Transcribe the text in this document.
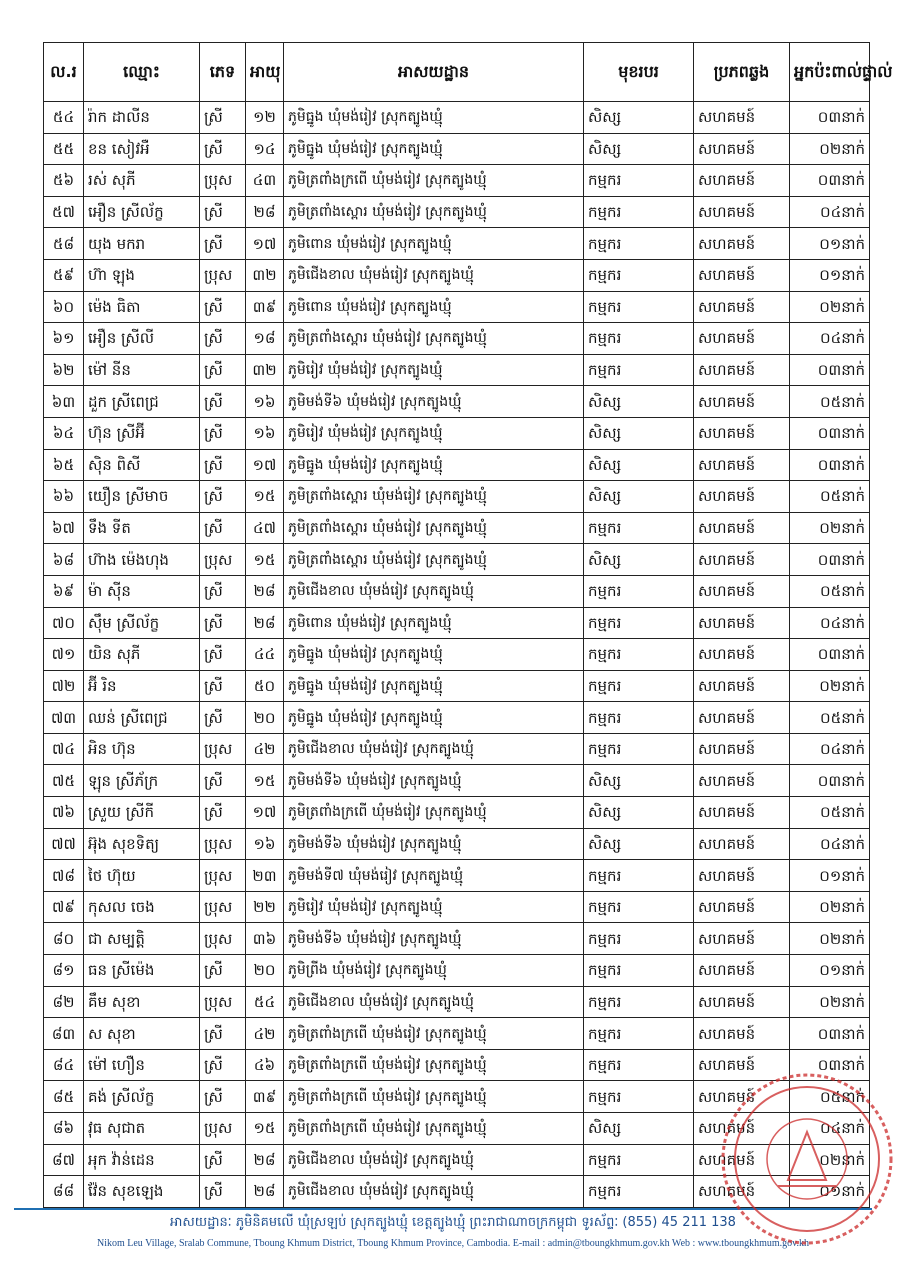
ល.រ	ឈ្មោះ	ភេទ	អាយុ	អាសយដ្ឋាន	មុខរបរ	ប្រភពឆ្លង	អ្នកប៉ះពាល់ផ្ទាល់
៥៤	រ៉ាក ដាលីន	ស្រី	១២	ភូមិធ្នូង ឃុំមង់រៀវ ស្រុកត្បូងឃ្មុំ	សិស្ស	សហគមន៍	០៣នាក់
៥៥	ខន សៀវអឺ	ស្រី	១៤	ភូមិធ្នូង ឃុំមង់រៀវ ស្រុកត្បូងឃ្មុំ	សិស្ស	សហគមន៍	០២នាក់
៥៦	រស់ សុភី	ប្រុស	៤៣	ភូមិត្រពាំងក្រពើ ឃុំមង់រៀវ ស្រុកត្បូងឃ្មុំ	កម្មករ	សហគមន៍	០៣នាក់
៥៧	អឿន ស្រីល័ក្ខ	ស្រី	២៨	ភូមិត្រពាំងស្ពោរ ឃុំមង់រៀវ ស្រុកត្បូងឃ្មុំ	កម្មករ	សហគមន៍	០៤នាក់
៥៨	យុង មករា	ស្រី	១៧	ភូមិពោន ឃុំមង់រៀវ ស្រុកត្បូងឃ្មុំ	កម្មករ	សហគមន៍	០១នាក់
៥៩	ហ៊ា ឡុង	ប្រុស	៣២	ភូមិជើងខាល ឃុំមង់រៀវ ស្រុកត្បូងឃ្មុំ	កម្មករ	សហគមន៍	០១នាក់
៦០	ម៉េង ធិតា	ស្រី	៣៩	ភូមិពោន ឃុំមង់រៀវ ស្រុកត្បូងឃ្មុំ	កម្មករ	សហគមន៍	០២នាក់
៦១	អឿន ស្រីលី	ស្រី	១៨	ភូមិត្រពាំងស្ពោរ ឃុំមង់រៀវ ស្រុកត្បូងឃ្មុំ	កម្មករ	សហគមន៍	០៤នាក់
៦២	ម៉ៅ នីន	ស្រី	៣២	ភូមិរៀវ ឃុំមង់រៀវ ស្រុកត្បូងឃ្មុំ	កម្មករ	សហគមន៍	០៣នាក់
៦៣	ដួក ស្រីពេជ្រ	ស្រី	១៦	ភូមិមង់ទី៦ ឃុំមង់រៀវ ស្រុកត្បូងឃ្មុំ	សិស្ស	សហគមន៍	០៥នាក់
៦៤	ហ៊ុន ស្រីអ៊ី	ស្រី	១៦	ភូមិរៀវ ឃុំមង់រៀវ ស្រុកត្បូងឃ្មុំ	សិស្ស	សហគមន៍	០៣នាក់
៦៥	ស៊ិន ពិសី	ស្រី	១៧	ភូមិធ្នូង ឃុំមង់រៀវ ស្រុកត្បូងឃ្មុំ	សិស្ស	សហគមន៍	០៣នាក់
៦៦	យឿន ស្រីមាច	ស្រី	១៥	ភូមិត្រពាំងស្ពោរ ឃុំមង់រៀវ ស្រុកត្បូងឃ្មុំ	សិស្ស	សហគមន៍	០៥នាក់
៦៧	ទឹង ទីត	ស្រី	៤៧	ភូមិត្រពាំងស្ពោរ ឃុំមង់រៀវ ស្រុកត្បូងឃ្មុំ	កម្មករ	សហគមន៍	០២នាក់
៦៨	ហ៊ាង ម៉េងហុង	ប្រុស	១៥	ភូមិត្រពាំងស្ពោរ ឃុំមង់រៀវ ស្រុកត្បូងឃ្មុំ	សិស្ស	សហគមន៍	០៣នាក់
៦៩	ម៉ា ស៊ីន	ស្រី	២៨	ភូមិជើងខាល ឃុំមង់រៀវ ស្រុកត្បូងឃ្មុំ	កម្មករ	សហគមន៍	០៥នាក់
៧០	ស៊ឹម ស្រីល័ក្ខ	ស្រី	២៨	ភូមិពោន ឃុំមង់រៀវ ស្រុកត្បូងឃ្មុំ	កម្មករ	សហគមន៍	០៤នាក់
៧១	យិន សុភី	ស្រី	៤៤	ភូមិធ្នូង ឃុំមង់រៀវ ស្រុកត្បូងឃ្មុំ	កម្មករ	សហគមន៍	០៣នាក់
៧២	អ៊ី រិន	ស្រី	៥០	ភូមិធ្នូង ឃុំមង់រៀវ ស្រុកត្បូងឃ្មុំ	កម្មករ	សហគមន៍	០២នាក់
៧៣	ឈន់ ស្រីពេជ្រ	ស្រី	២០	ភូមិធ្នូង ឃុំមង់រៀវ ស្រុកត្បូងឃ្មុំ	កម្មករ	សហគមន៍	០៥នាក់
៧៤	អិន ហ៊ុន	ប្រុស	៤២	ភូមិជើងខាល ឃុំមង់រៀវ ស្រុកត្បូងឃ្មុំ	កម្មករ	សហគមន៍	០៤នាក់
៧៥	ឡុន ស្រីភ័ក្រ	ស្រី	១៥	ភូមិមង់ទី៦ ឃុំមង់រៀវ ស្រុកត្បូងឃ្មុំ	សិស្ស	សហគមន៍	០៣នាក់
៧៦	ស្រួយ ស្រីកី	ស្រី	១៧	ភូមិត្រពាំងក្រពើ ឃុំមង់រៀវ ស្រុកត្បូងឃ្មុំ	សិស្ស	សហគមន៍	០៥នាក់
៧៧	អ៊ុង សុខទិត្យ	ប្រុស	១៦	ភូមិមង់ទី៦ ឃុំមង់រៀវ ស្រុកត្បូងឃ្មុំ	សិស្ស	សហគមន៍	០៤នាក់
៧៨	ថៃ ហ៊ុយ	ប្រុស	២៣	ភូមិមង់ទី៧ ឃុំមង់រៀវ ស្រុកត្បូងឃ្មុំ	កម្មករ	សហគមន៍	០១នាក់
៧៩	កុសល ចេង	ប្រុស	២២	ភូមិរៀវ ឃុំមង់រៀវ ស្រុកត្បូងឃ្មុំ	កម្មករ	សហគមន៍	០២នាក់
៨០	ជា សម្បត្តិ	ប្រុស	៣៦	ភូមិមង់ទី៦ ឃុំមង់រៀវ ស្រុកត្បូងឃ្មុំ	កម្មករ	សហគមន៍	០២នាក់
៨១	ធន ស្រីម៉េង	ស្រី	២០	ភូមិព្រីង ឃុំមង់រៀវ ស្រុកត្បូងឃ្មុំ	កម្មករ	សហគមន៍	០១នាក់
៨២	គឹម សុខា	ប្រុស	៥៤	ភូមិជើងខាល ឃុំមង់រៀវ ស្រុកត្បូងឃ្មុំ	កម្មករ	សហគមន៍	០២នាក់
៨៣	ស សុខា	ស្រី	៤២	ភូមិត្រពាំងក្រពើ ឃុំមង់រៀវ ស្រុកត្បូងឃ្មុំ	កម្មករ	សហគមន៍	០៣នាក់
៨៤	ម៉ៅ ហឿន	ស្រី	៤៦	ភូមិត្រពាំងក្រពើ ឃុំមង់រៀវ ស្រុកត្បូងឃ្មុំ	កម្មករ	សហគមន៍	០៣នាក់
៨៥	គង់ ស្រីល័ក្ខ	ស្រី	៣៩	ភូមិត្រពាំងក្រពើ ឃុំមង់រៀវ ស្រុកត្បូងឃ្មុំ	កម្មករ	សហគមន៍	០៥នាក់
៨៦	វុធ សុជាត	ប្រុស	១៥	ភូមិត្រពាំងក្រពើ ឃុំមង់រៀវ ស្រុកត្បូងឃ្មុំ	សិស្ស	សហគមន៍	០៤នាក់
៨៧	អុក វ៉ាន់ដេន	ស្រី	២៨	ភូមិជើងខាល ឃុំមង់រៀវ ស្រុកត្បូងឃ្មុំ	កម្មករ	សហគមន៍	០២នាក់
៨៨	វ៉ែន សុខឡេង	ស្រី	២៨	ភូមិជើងខាល ឃុំមង់រៀវ ស្រុកត្បូងឃ្មុំ	កម្មករ	សហគមន៍	០១នាក់
អាសយដ្ឋានៈ ភូមិនិគមលើ ឃុំស្រឡប់ ស្រុកត្បូងឃ្មុំ ខេត្តត្បូងឃ្មុំ ព្រះរាជាណាចក្រកម្ពុជា ទូរស័ព្ទៈ (855) 45 211 138
Nikom Leu Village, Sralab Commune, Tboung Khmum District, Tboung Khmum Province, Cambodia. E-mail : admin@tboungkhmum.gov.kh Web : www.tboungkhmum.gov.kh
